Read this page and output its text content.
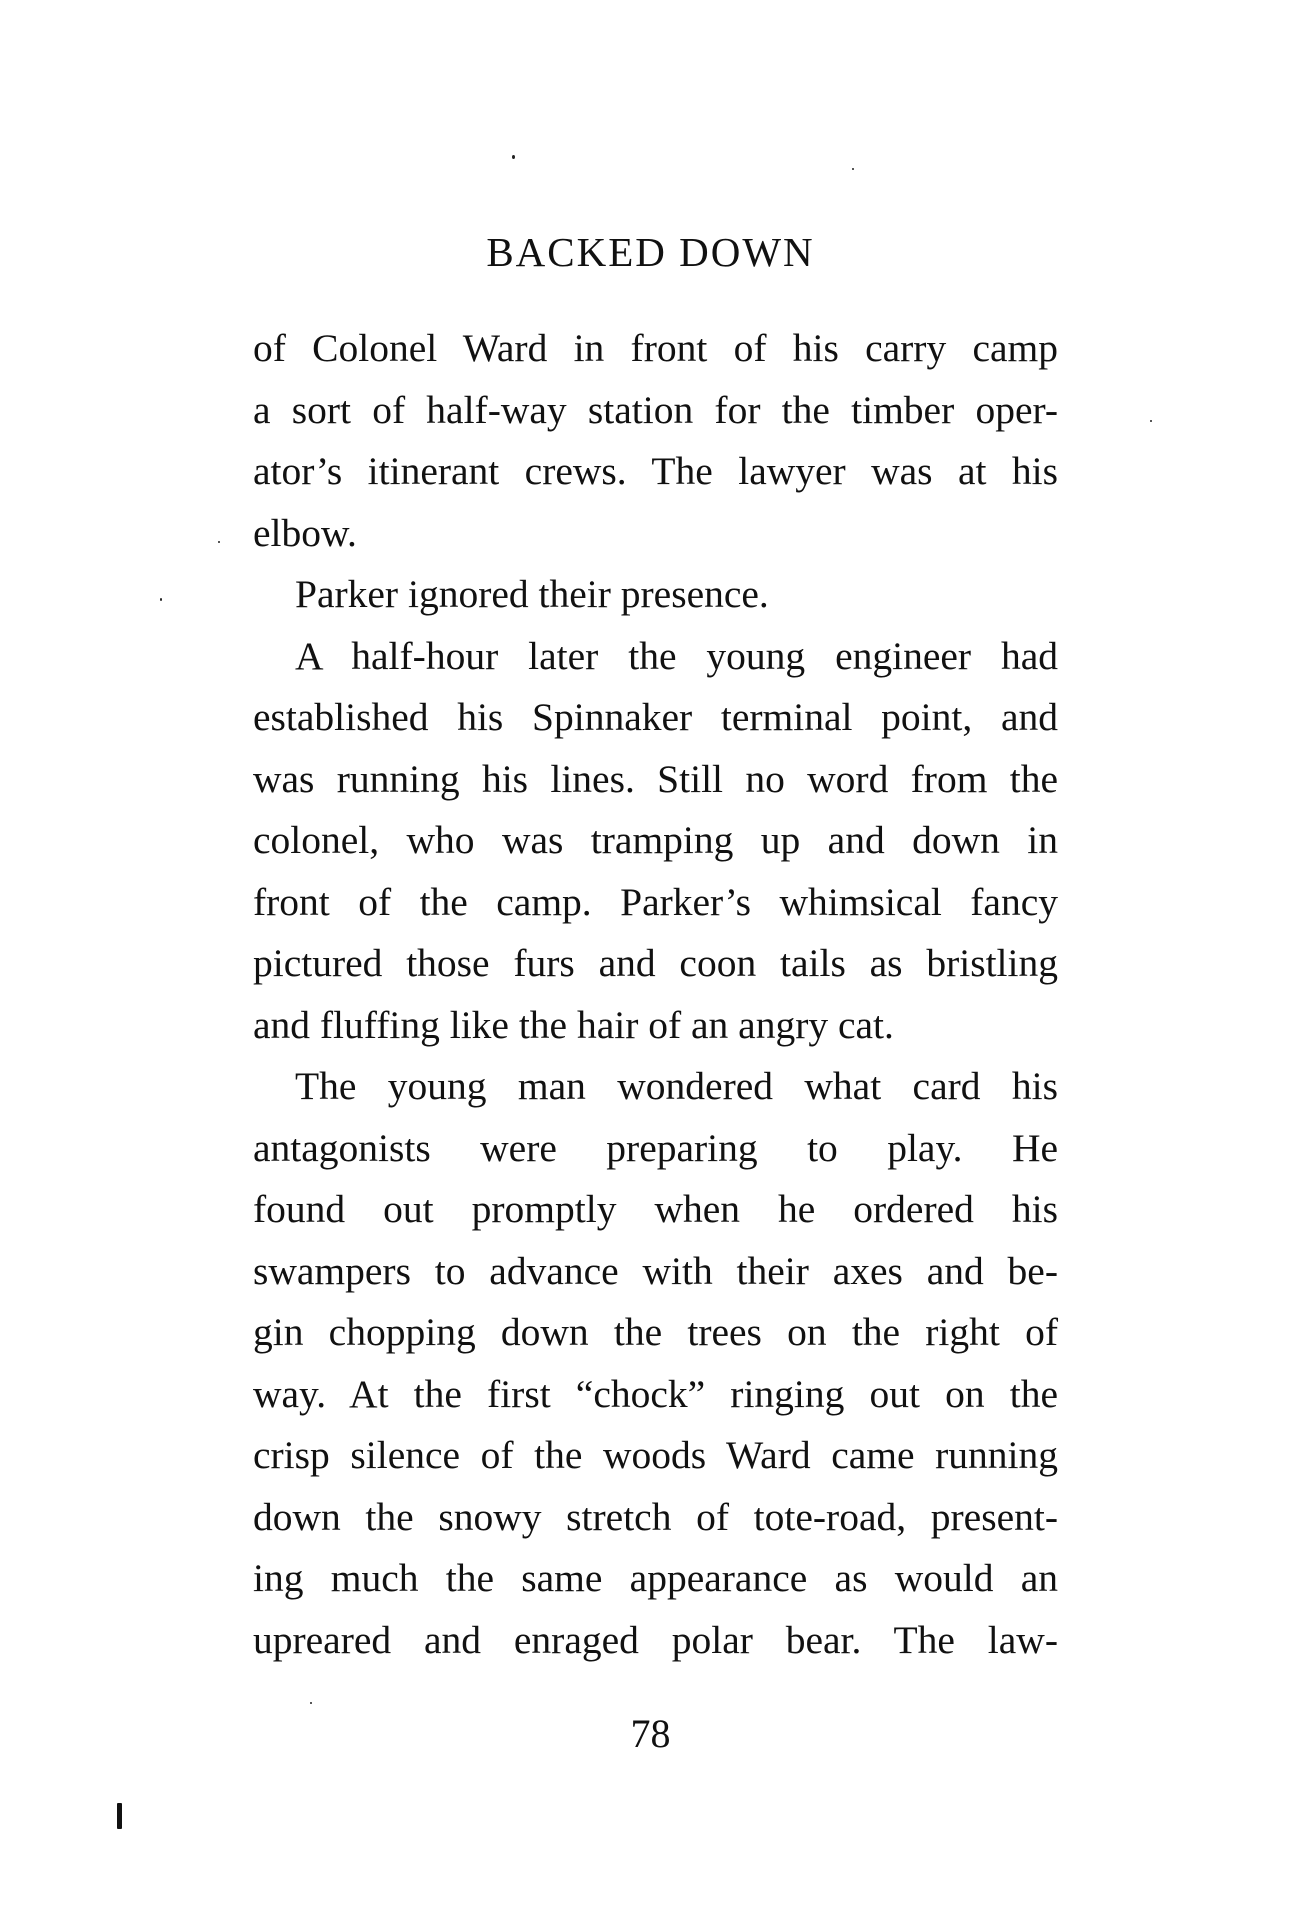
BACKED DOWN
of Colonel Ward in front of his carry camp
a sort of half-way station for the timber oper-
ator’s itinerant crews. The lawyer was at his
elbow.
Parker ignored their presence.
A half-hour later the young engineer had
established his Spinnaker terminal point, and
was running his lines. Still no word from the
colonel, who was tramping up and down in
front of the camp. Parker’s whimsical fancy
pictured those furs and coon tails as bristling
and fluffing like the hair of an angry cat.
The young man wondered what card his
antagonists were preparing to play. He
found out promptly when he ordered his
swampers to advance with their axes and be-
gin chopping down the trees on the right of
way. At the first “chock” ringing out on the
crisp silence of the woods Ward came running
down the snowy stretch of tote-road, present-
ing much the same appearance as would an
upreared and enraged polar bear. The law-
78
